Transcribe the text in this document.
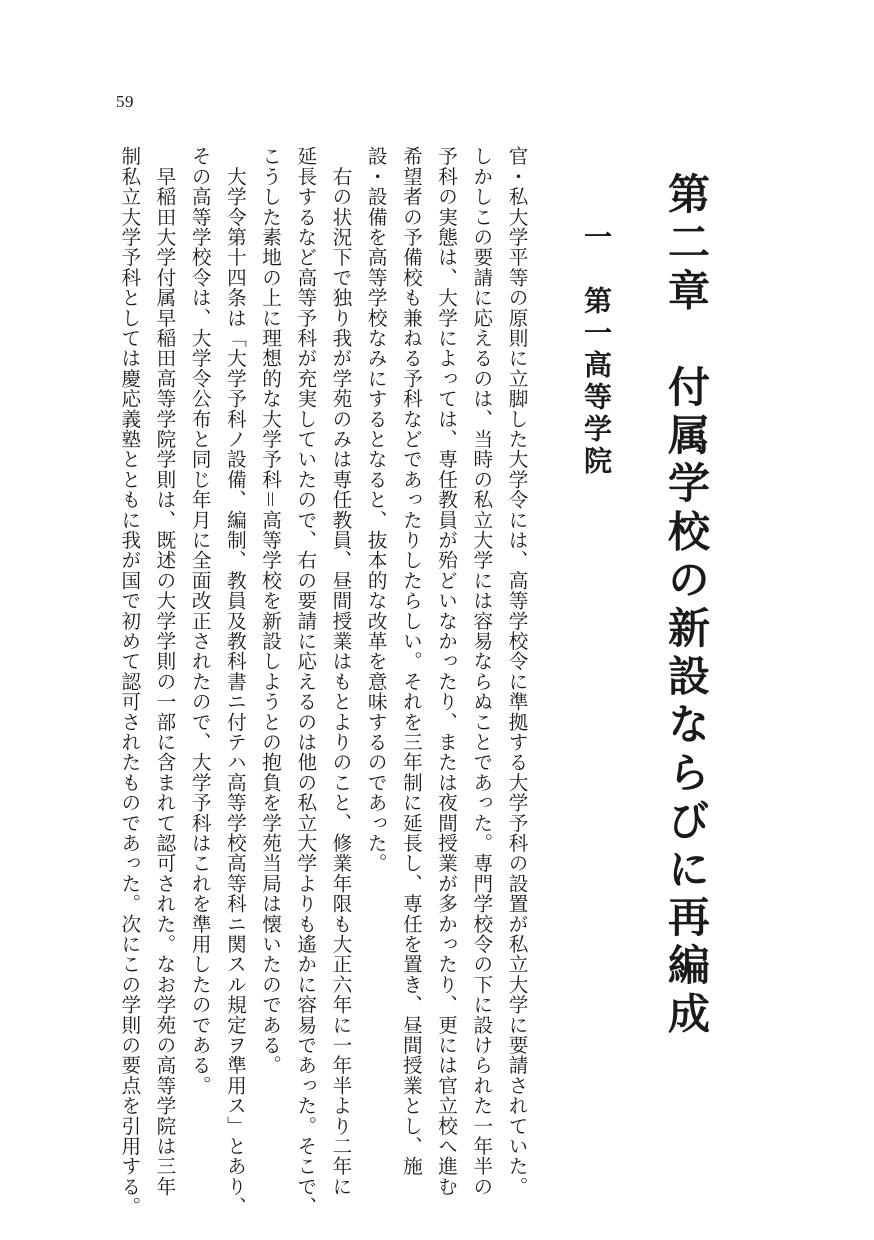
59
第二章　付属学校の新設ならびに再編成
一　第一高等学院
官・私大学平等の原則に立脚した大学令には、高等学校令に準拠する大学予科の設置が私立大学に要請されていた。
しかしこの要請に応えるのは、当時の私立大学には容易ならぬことであった。専門学校令の下に設けられた一年半の
予科の実態は、大学によっては、専任教員が殆どいなかったり、または夜間授業が多かったり、更には官立校へ進む
希望者の予備校も兼ねる予科などであったりしたらしい。それを三年制に延長し、専任を置き、昼間授業とし、施
設・設備を高等学校なみにするとなると、抜本的な改革を意味するのであった。
　右の状況下で独り我が学苑のみは専任教員、昼間授業はもとよりのこと、修業年限も大正六年に一年半より二年に
延長するなど高等予科が充実していたので、右の要請に応えるのは他の私立大学よりも遙かに容易であった。そこで、
こうした素地の上に理想的な大学予科＝高等学校を新設しようとの抱負を学苑当局は懐いたのである。
　大学令第十四条は「大学予科ノ設備、編制、教員及教科書ニ付テハ高等学校高等科ニ関スル規定ヲ準用ス」とあり、
その高等学校令は、大学令公布と同じ年月に全面改正されたので、大学予科はこれを準用したのである。
　早稲田大学付属早稲田高等学院学則は、既述の大学学則の一部に含まれて認可された。なお学苑の高等学院は三年
制私立大学予科としては慶応義塾とともに我が国で初めて認可されたものであった。次にこの学則の要点を引用する。
